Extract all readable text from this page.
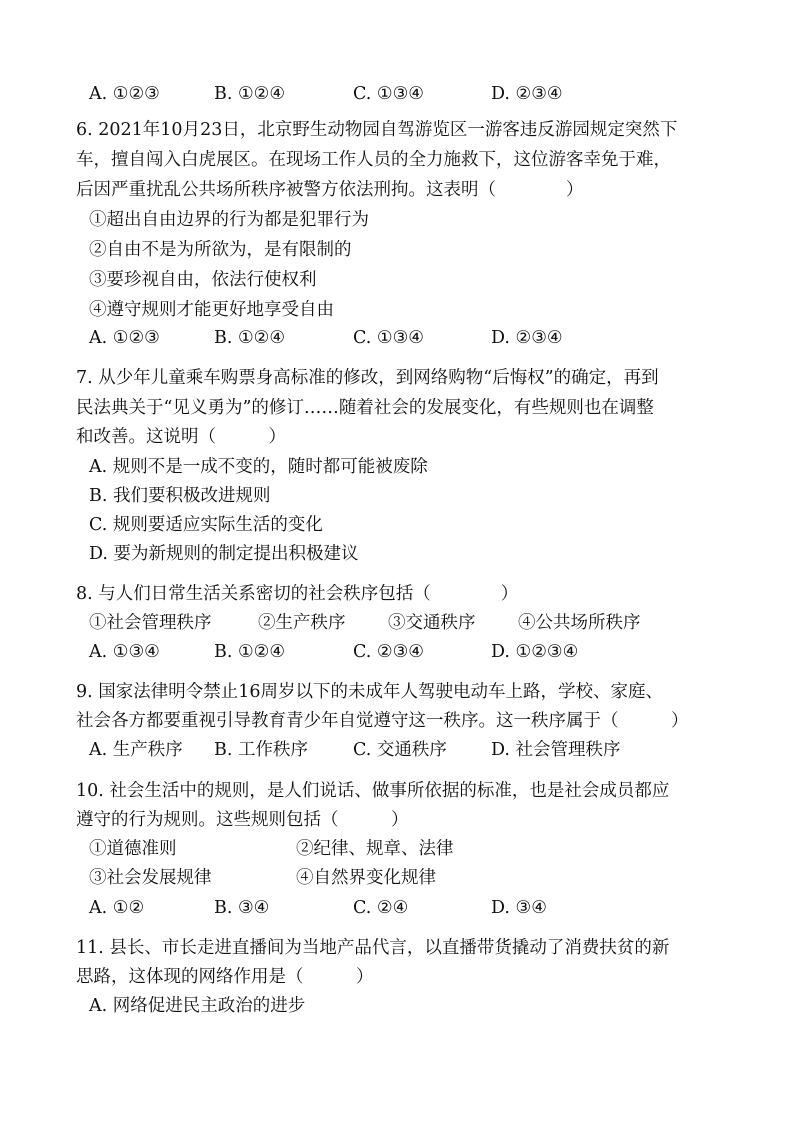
A. ①②③	B. ①②④	C. ①③④	D. ②③④
6. 2021年10月23日，北京野生动物园自驾游览区一游客违反游园规定突然下
车，擅自闯入白虎展区。在现场工作人员的全力施救下，这位游客幸免于难，
后因严重扰乱公共场所秩序被警方依法刑拘。这表明（　　　　）
①超出自由边界的行为都是犯罪行为
②自由不是为所欲为，是有限制的
③要珍视自由，依法行使权利
④遵守规则才能更好地享受自由
A. ①②③	B. ①②④	C. ①③④	D. ②③④
7. 从少年儿童乘车购票身高标准的修改，到网络购物“后悔权”的确定，再到
民法典关于“见义勇为”的修订……随着社会的发展变化，有些规则也在调整
和改善。这说明（　　　）
A. 规则不是一成不变的，随时都可能被废除
B. 我们要积极改进规则
C. 规则要适应实际生活的变化
D. 要为新规则的制定提出积极建议
8. 与人们日常生活关系密切的社会秩序包括（　　　　）
①社会管理秩序	②生产秩序 ③交通秩序 ④公共场所秩序
A. ①③④	B. ①②④	C. ②③④	D. ①②③④
9. 国家法律明令禁止16周岁以下的未成年人驾驶电动车上路，学校、家庭、
社会各方都要重视引导教育青少年自觉遵守这一秩序。这一秩序属于（　　　）
A. 生产秩序 B. 工作秩序	C. 交通秩序	D. 社会管理秩序
10. 社会生活中的规则，是人们说话、做事所依据的标准，也是社会成员都应
遵守的行为规则。这些规则包括（　　　）
①道德准则	②纪律、规章、法律
③社会发展规律	④自然界变化规律
A. ①②	B. ③④	C. ②④	D. ③④
11. 县长、市长走进直播间为当地产品代言，以直播带货撬动了消费扶贫的新
思路，这体现的网络作用是（　　　）
A. 网络促进民主政治的进步
